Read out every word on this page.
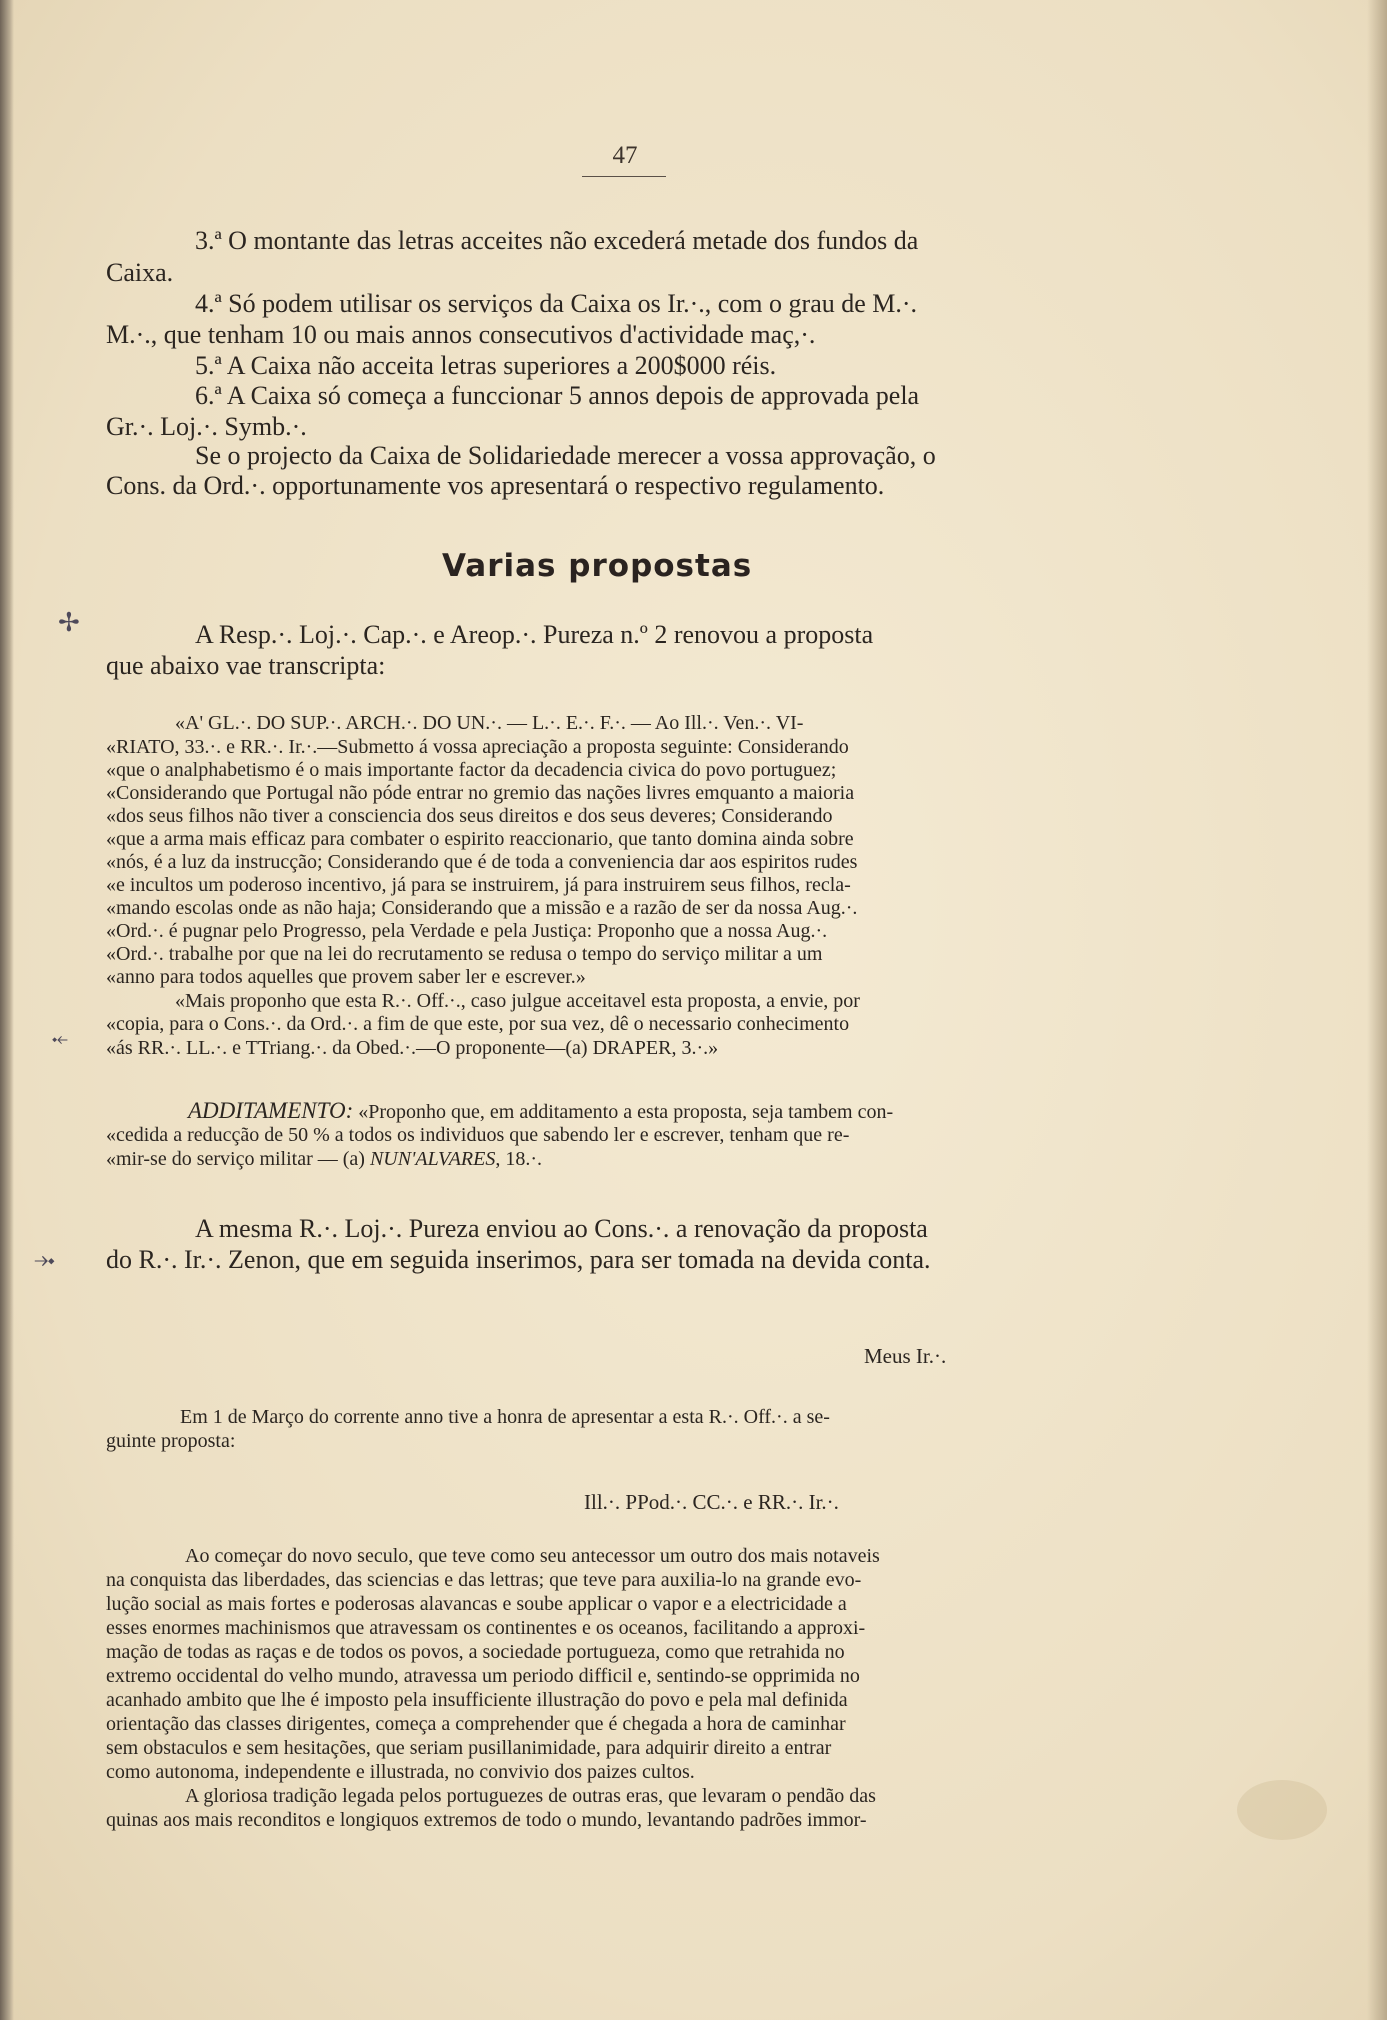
47

3.ª O montante das letras acceites não excederá metade dos fundos da

Caixa.

4.ª Só podem utilisar os serviços da Caixa os Ir.·., com o grau de M.·.

M.·., que tenham 10 ou mais annos consecutivos d'actividade maç,·.

5.ª A Caixa não acceita letras superiores a 200$000 réis.

6.ª A Caixa só começa a funccionar 5 annos depois de approvada pela

Gr.·. Loj.·. Symb.·.

Se o projecto da Caixa de Solidariedade merecer a vossa approvação, o

Cons. da Ord.·. opportunamente vos apresentará o respectivo regulamento.

Varias propostas
✢
⤝
⤞

A Resp.·. Loj.·. Cap.·. e Areop.·. Pureza n.º 2 renovou a proposta

que abaixo vae transcripta:

«A' GL.·. DO SUP.·. ARCH.·. DO UN.·. — L.·. E.·. F.·. — Ao Ill.·. Ven.·. VI-

«RIATO, 33.·. e RR.·. Ir.·.—Submetto á vossa apreciação a proposta seguinte: Considerando

«que o analphabetismo é o mais importante factor da decadencia civica do povo portuguez;

«Considerando que Portugal não póde entrar no gremio das nações livres emquanto a maioria

«dos seus filhos não tiver a consciencia dos seus direitos e dos seus deveres; Considerando

«que a arma mais efficaz para combater o espirito reaccionario, que tanto domina ainda sobre

«nós, é a luz da instrucção; Considerando que é de toda a conveniencia dar aos espiritos rudes

«e incultos um poderoso incentivo, já para se instruirem, já para instruirem seus filhos, recla-

«mando escolas onde as não haja; Considerando que a missão e a razão de ser da nossa Aug.·.

«Ord.·. é pugnar pelo Progresso, pela Verdade e pela Justiça: Proponho que a nossa Aug.·.

«Ord.·. trabalhe por que na lei do recrutamento se redusa o tempo do serviço militar a um

«anno para todos aquelles que provem saber ler e escrever.»

«Mais proponho que esta R.·. Off.·., caso julgue acceitavel esta proposta, a envie, por

«copia, para o Cons.·. da Ord.·. a fim de que este, por sua vez, dê o necessario conhecimento

«ás RR.·. LL.·. e TTriang.·. da Obed.·.—O proponente—(a) DRAPER, 3.·.»

ADDITAMENTO: «Proponho que, em additamento a esta proposta, seja tambem con-

«cedida a reducção de 50 % a todos os individuos que sabendo ler e escrever, tenham que re-

«mir-se do serviço militar — (a) NUN'ALVARES, 18.·.

A mesma R.·. Loj.·. Pureza enviou ao Cons.·. a renovação da proposta

do R.·. Ir.·. Zenon, que em seguida inserimos, para ser tomada na devida conta.

Meus Ir.·.

Em 1 de Março do corrente anno tive a honra de apresentar a esta R.·. Off.·. a se-

guinte proposta:

Ill.·. PPod.·. CC.·. e RR.·. Ir.·.

Ao começar do novo seculo, que teve como seu antecessor um outro dos mais notaveis

na conquista das liberdades, das sciencias e das lettras; que teve para auxilia-lo na grande evo-

lução social as mais fortes e poderosas alavancas e soube applicar o vapor e a electricidade a

esses enormes machinismos que atravessam os continentes e os oceanos, facilitando a approxi-

mação de todas as raças e de todos os povos, a sociedade portugueza, como que retrahida no

extremo occidental do velho mundo, atravessa um periodo difficil e, sentindo-se opprimida no

acanhado ambito que lhe é imposto pela insufficiente illustração do povo e pela mal definida

orientação das classes dirigentes, começa a comprehender que é chegada a hora de caminhar

sem obstaculos e sem hesitações, que seriam pusillanimidade, para adquirir direito a entrar

como autonoma, independente e illustrada, no convivio dos paizes cultos.

A gloriosa tradição legada pelos portuguezes de outras eras, que levaram o pendão das

quinas aos mais reconditos e longiquos extremos de todo o mundo, levantando padrões immor-
